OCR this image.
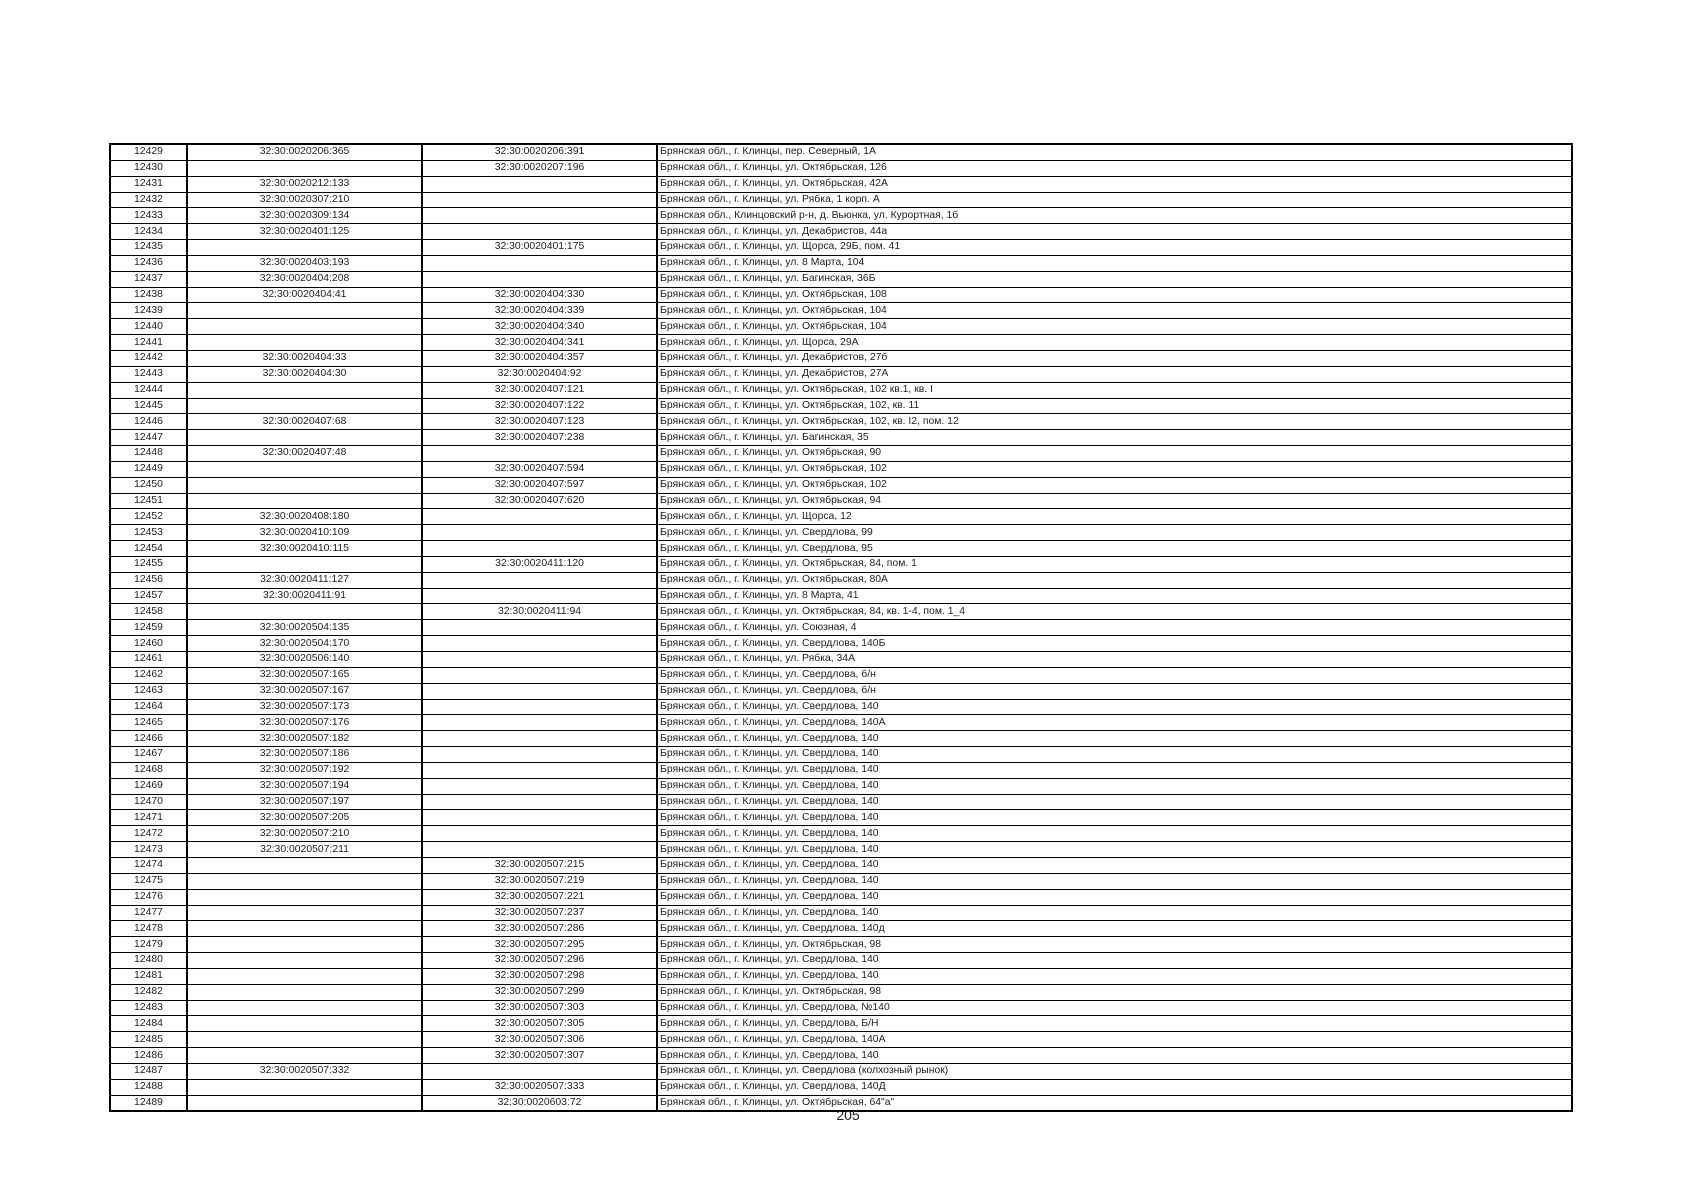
12429	32:30:0020206:365	32:30:0020206:391	Брянская обл., г. Клинцы, пер. Северный, 1А
12430		32:30:0020207:196	Брянская обл., г. Клинцы, ул. Октябрьская, 126
12431	32:30:0020212:133		Брянская обл., г. Клинцы, ул. Октябрьская, 42А
12432	32:30:0020307:210		Брянская обл., г. Клинцы, ул. Рябка, 1 корп. А
12433	32:30:0020309:134		Брянская обл., Клинцовский р-н, д. Вьюнка, ул. Курортная, 1б
12434	32:30:0020401:125		Брянская обл., г. Клинцы, ул. Декабристов, 44а
12435		32:30:0020401:175	Брянская обл., г. Клинцы, ул. Щорса, 29Б, пом. 41
12436	32:30:0020403:193		Брянская обл., г. Клинцы, ул. 8 Марта, 104
12437	32:30:0020404:208		Брянская обл., г. Клинцы, ул. Багинская, 36Б
12438	32:30:0020404:41	32:30:0020404:330	Брянская обл., г. Клинцы, ул. Октябрьская, 108
12439		32:30:0020404:339	Брянская обл., г. Клинцы, ул. Октябрьская, 104
12440		32:30:0020404:340	Брянская обл., г. Клинцы, ул. Октябрьская, 104
12441		32:30:0020404:341	Брянская обл., г. Клинцы, ул. Щорса, 29А
12442	32:30:0020404:33	32:30:0020404:357	Брянская обл., г. Клинцы, ул. Декабристов, 27б
12443	32:30:0020404:30	32:30:0020404:92	Брянская обл., г. Клинцы, ул. Декабристов, 27А
12444		32:30:0020407:121	Брянская обл., г. Клинцы, ул. Октябрьская, 102 кв.1, кв. I
12445		32:30:0020407:122	Брянская обл., г. Клинцы, ул. Октябрьская, 102, кв. 11
12446	32:30:0020407:68	32:30:0020407:123	Брянская обл., г. Клинцы, ул. Октябрьская, 102, кв. I2, пом. 12
12447		32:30:0020407:238	Брянская обл., г. Клинцы, ул. Багинская, 35
12448	32:30:0020407:48		Брянская обл., г. Клинцы, ул. Октябрьская, 90
12449		32:30:0020407:594	Брянская обл., г. Клинцы, ул. Октябрьская, 102
12450		32:30:0020407:597	Брянская обл., г. Клинцы, ул. Октябрьская, 102
12451		32:30:0020407:620	Брянская обл., г. Клинцы, ул. Октябрьская, 94
12452	32:30:0020408:180		Брянская обл., г. Клинцы, ул. Щорса, 12
12453	32:30:0020410:109		Брянская обл., г. Клинцы, ул. Свердлова, 99
12454	32:30:0020410:115		Брянская обл., г. Клинцы, ул. Свердлова, 95
12455		32:30:0020411:120	Брянская обл., г. Клинцы, ул. Октябрьская, 84, пом. 1
12456	32:30:0020411:127		Брянская обл., г. Клинцы, ул. Октябрьская, 80А
12457	32:30:0020411:91		Брянская обл., г. Клинцы, ул. 8 Марта, 41
12458		32:30:0020411:94	Брянская обл., г. Клинцы, ул. Октябрьская, 84, кв. 1-4, пом. 1_4
12459	32:30:0020504:135		Брянская обл., г. Клинцы, ул. Союзная, 4
12460	32:30:0020504:170		Брянская обл., г. Клинцы, ул. Свердлова, 140Б
12461	32:30:0020506:140		Брянская обл., г. Клинцы, ул. Рябка, 34А
12462	32:30:0020507:165		Брянская обл., г. Клинцы, ул. Свердлова, б/н
12463	32:30:0020507:167		Брянская обл., г. Клинцы, ул. Свердлова, б/н
12464	32:30:0020507:173		Брянская обл., г. Клинцы, ул. Свердлова, 140
12465	32:30:0020507:176		Брянская обл., г. Клинцы, ул. Свердлова, 140А
12466	32:30:0020507:182		Брянская обл., г. Клинцы, ул. Свердлова, 140
12467	32:30:0020507:186		Брянская обл., г. Клинцы, ул. Свердлова, 140
12468	32:30:0020507:192		Брянская обл., г. Клинцы, ул. Свердлова, 140
12469	32:30:0020507:194		Брянская обл., г. Клинцы, ул. Свердлова, 140
12470	32:30:0020507:197		Брянская обл., г. Клинцы, ул. Свердлова, 140
12471	32:30:0020507:205		Брянская обл., г. Клинцы, ул. Свердлова, 140
12472	32:30:0020507:210		Брянская обл., г. Клинцы, ул. Свердлова, 140
12473	32:30:0020507:211		Брянская обл., г. Клинцы, ул. Свердлова, 140
12474		32:30:0020507:215	Брянская обл., г. Клинцы, ул. Свердлова, 140
12475		32:30:0020507:219	Брянская обл., г. Клинцы, ул. Свердлова, 140
12476		32:30:0020507:221	Брянская обл., г. Клинцы, ул. Свердлова, 140
12477		32:30:0020507:237	Брянская обл., г. Клинцы, ул. Свердлова, 140
12478		32:30:0020507:286	Брянская обл., г. Клинцы, ул. Свердлова, 140д
12479		32:30:0020507:295	Брянская обл., г. Клинцы, ул. Октябрьская, 98
12480		32:30:0020507:296	Брянская обл., г. Клинцы, ул. Свердлова, 140
12481		32:30:0020507:298	Брянская обл., г. Клинцы, ул. Свердлова, 140
12482		32:30:0020507:299	Брянская обл., г. Клинцы, ул. Октябрьская, 98
12483		32:30:0020507:303	Брянская обл., г. Клинцы, ул. Свердлова, №140
12484		32:30:0020507:305	Брянская обл., г. Клинцы, ул. Свердлова, Б/Н
12485		32:30:0020507:306	Брянская обл., г. Клинцы, ул. Свердлова, 140А
12486		32:30:0020507:307	Брянская обл., г. Клинцы, ул. Свердлова, 140
12487	32:30:0020507:332		Брянская обл., г. Клинцы, ул. Свердлова (колхозный рынок)
12488		32:30:0020507:333	Брянская обл., г. Клинцы, ул. Свердлова, 140Д
12489		32:30:0020603:72	Брянская обл., г. Клинцы, ул. Октябрьская, 64"а"
205
